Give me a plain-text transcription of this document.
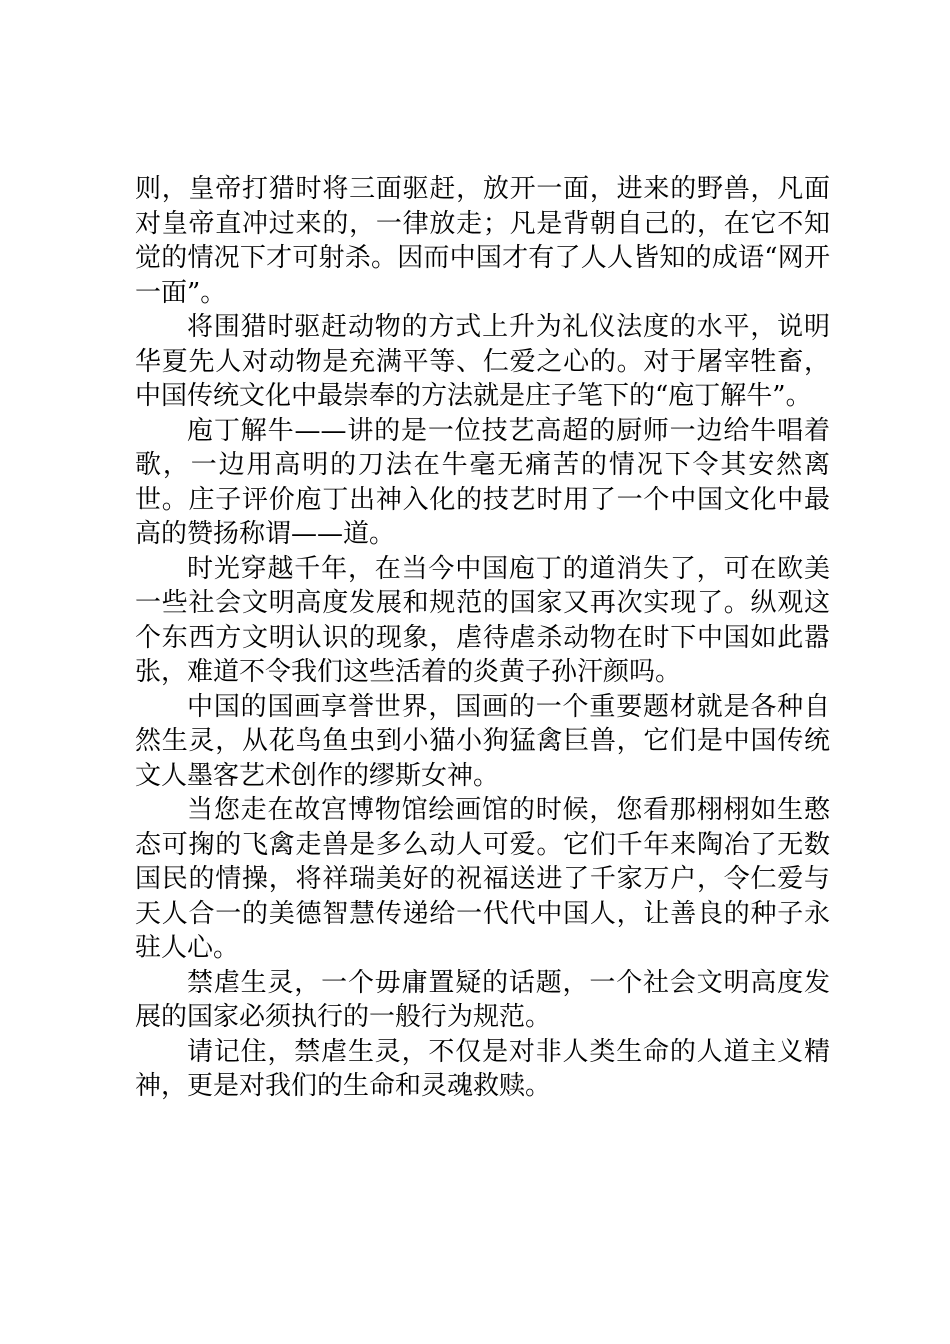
则，皇帝打猎时将三面驱赶，放开一面，进来的野兽，凡面对皇帝直冲过来的，一律放走；凡是背朝自己的，在它不知觉的情况下才可射杀。因而中国才有了人人皆知的成语“网开一面”。

将围猎时驱赶动物的方式上升为礼仪法度的水平，说明华夏先人对动物是充满平等、仁爱之心的。对于屠宰牲畜，中国传统文化中最崇奉的方法就是庄子笔下的“庖丁解牛”。

庖丁解牛——讲的是一位技艺高超的厨师一边给牛唱着歌，一边用高明的刀法在牛毫无痛苦的情况下令其安然离世。庄子评价庖丁出神入化的技艺时用了一个中国文化中最高的赞扬称谓——道。

时光穿越千年，在当今中国庖丁的道消失了，可在欧美一些社会文明高度发展和规范的国家又再次实现了。纵观这个东西方文明认识的现象，虐待虐杀动物在时下中国如此嚣张，难道不令我们这些活着的炎黄子孙汗颜吗。

中国的国画享誉世界，国画的一个重要题材就是各种自然生灵，从花鸟鱼虫到小猫小狗猛禽巨兽，它们是中国传统文人墨客艺术创作的缪斯女神。

当您走在故宫博物馆绘画馆的时候，您看那栩栩如生憨态可掬的飞禽走兽是多么动人可爱。它们千年来陶冶了无数国民的情操，将祥瑞美好的祝福送进了千家万户，令仁爱与天人合一的美德智慧传递给一代代中国人，让善良的种子永驻人心。

禁虐生灵，一个毋庸置疑的话题，一个社会文明高度发展的国家必须执行的一般行为规范。

请记住，禁虐生灵，不仅是对非人类生命的人道主义精神，更是对我们的生命和灵魂救赎。
